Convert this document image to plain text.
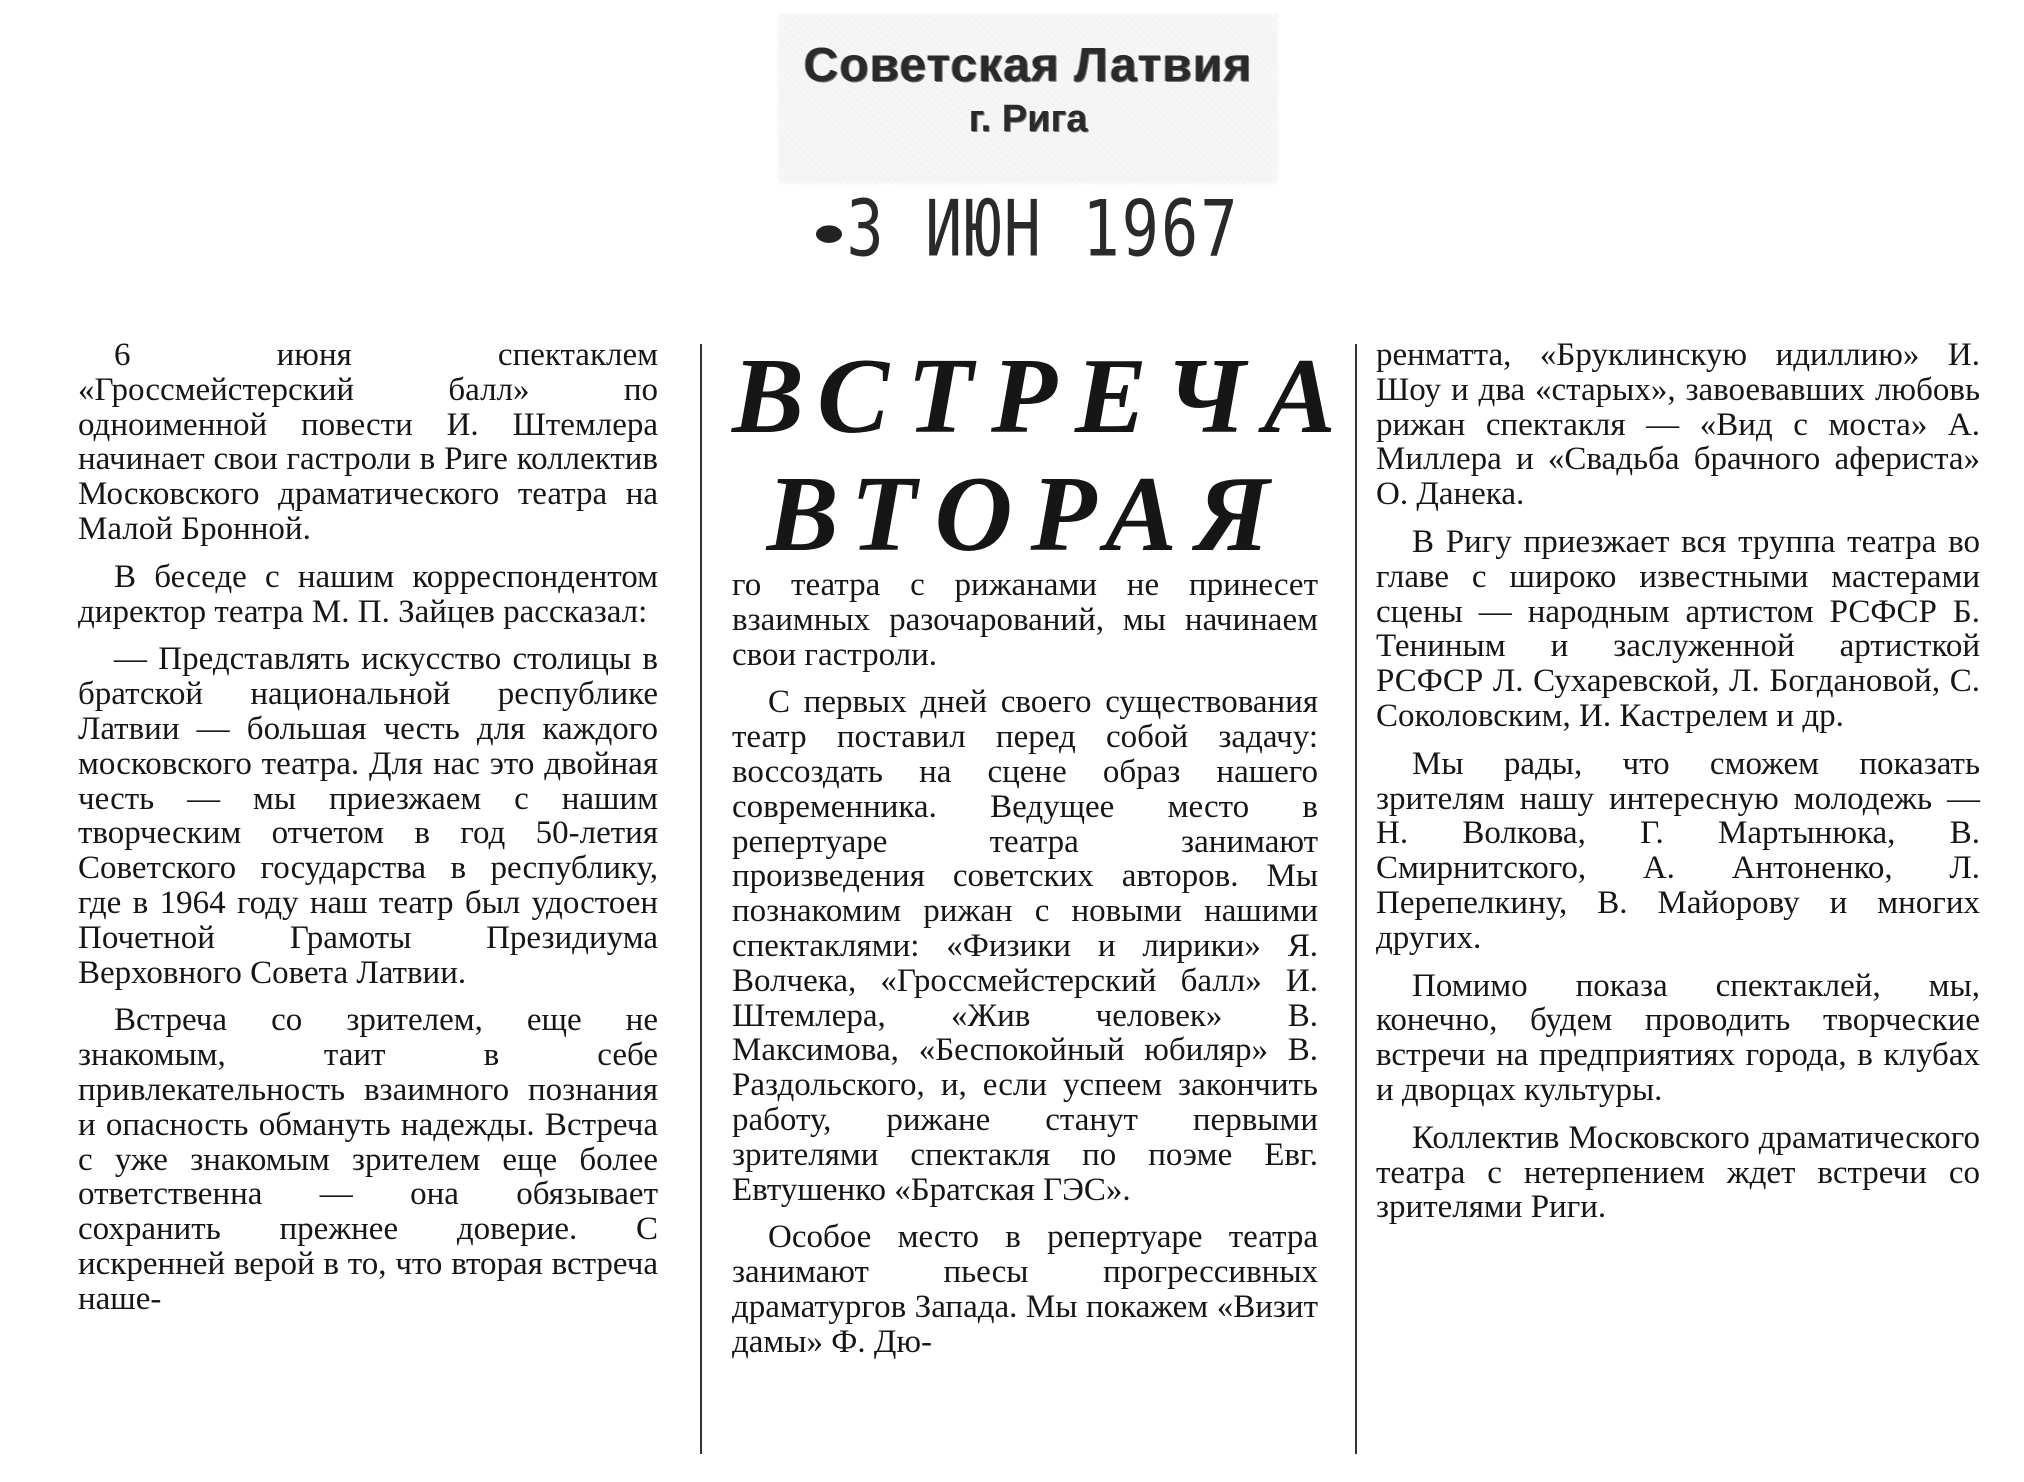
Советская Латвия
г. Рига
3 ИЮН 1967

6 июня спектаклем «Гроссмейстерский балл» по одноименной повести И. Штемлера начинает свои гастроли в Риге коллектив Московского драматического театра на Малой Бронной.

В беседе с нашим корреспондентом директор театра М. П. Зайцев рассказал:

— Представлять искусство столицы в братской национальной республике Латвии — большая честь для каждого московского театра. Для нас это двойная честь — мы приезжаем с нашим творческим отчетом в год 50-летия Советского государства в республику, где в 1964 году наш театр был удостоен Почетной Грамоты Президиума Верховного Совета Латвии.

Встреча со зрителем, еще не знакомым, таит в себе привлекательность взаимного познания и опасность обмануть надежды. Встреча с уже знакомым зрителем еще более ответственна — она обязывает сохранить прежнее доверие. С искренней верой в то, что вторая встреча наше-

ВСТРЕЧА
ВТОРАЯ

го театра с рижанами не принесет взаимных разочарований, мы начинаем свои гастроли.

С первых дней своего существования театр поставил перед собой задачу: воссоздать на сцене образ нашего современника. Ведущее место в репертуаре театра занимают произведения советских авторов. Мы познакомим рижан с новыми нашими спектаклями: «Физики и лирики» Я. Волчека, «Гроссмейстерский балл» И. Штемлера, «Жив человек» В. Максимова, «Беспокойный юбиляр» В. Раздольского, и, если успеем закончить работу, рижане станут первыми зрителями спектакля по поэме Евг. Евтушенко «Братская ГЭС».

Особое место в репертуаре театра занимают пьесы прогрессивных драматургов Запада. Мы покажем «Визит дамы» Ф. Дю-

ренматта, «Бруклинскую идиллию» И. Шоу и два «старых», завоевавших любовь рижан спектакля — «Вид с моста» А. Миллера и «Свадьба брачного афериста» О. Данека.

В Ригу приезжает вся труппа театра во главе с широко известными мастерами сцены — народным артистом РСФСР Б. Тениным и заслуженной артисткой РСФСР Л. Сухаревской, Л. Богдановой, С. Соколовским, И. Кастрелем и др.

Мы рады, что сможем показать зрителям нашу интересную молодежь — Н. Волкова, Г. Мартынюка, В. Смирнитского, А. Антоненко, Л. Перепелкину, В. Майорову и многих других.

Помимо показа спектаклей, мы, конечно, будем проводить творческие встречи на предприятиях города, в клубах и дворцах культуры.

Коллектив Московского драматического театра с нетерпением ждет встречи со зрителями Риги.
